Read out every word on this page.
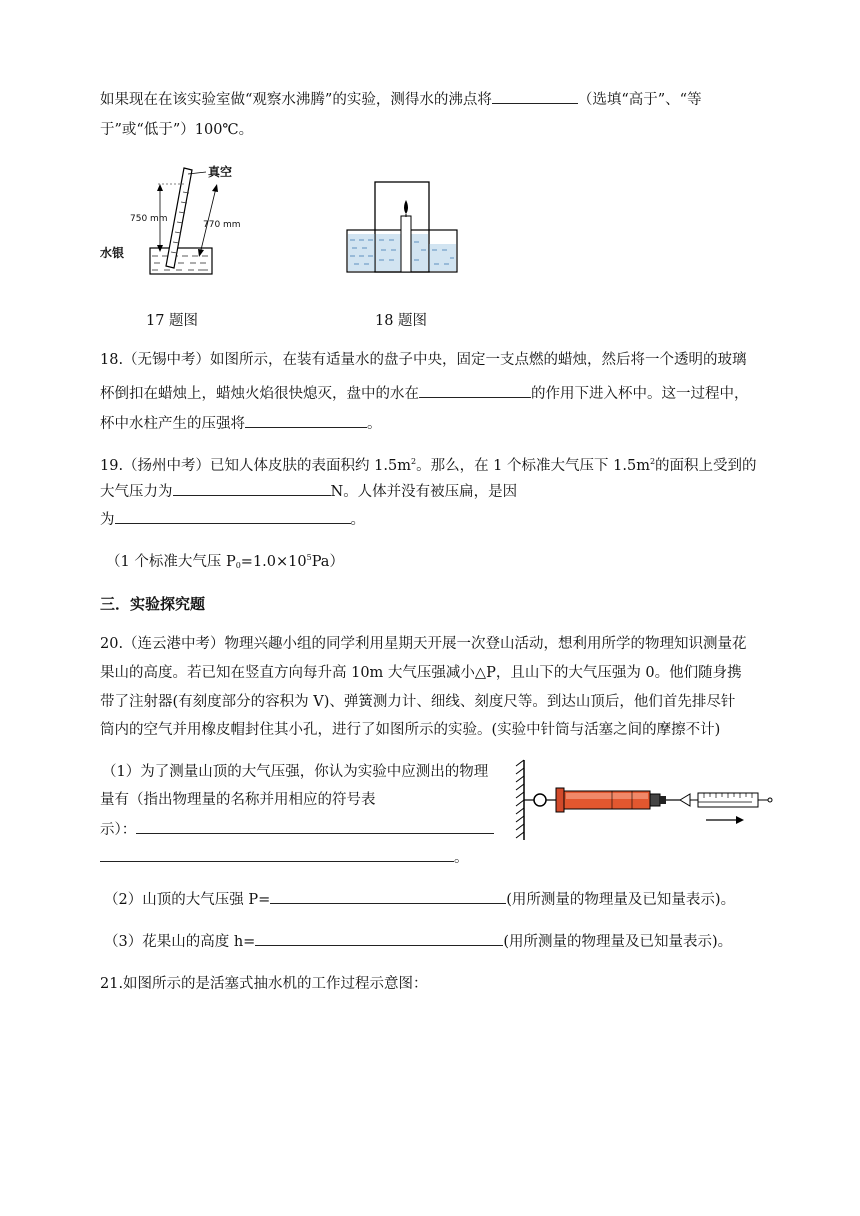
如果现在在该实验室做“观察水沸腾”的实验，测得水的沸点将	（选填“高于”、“等
于”或“低于”）100℃。
真空
750 mm
770 mm
水银
17 题图	18 题图
18.（无锡中考）如图所示，在装有适量水的盘子中央，固定一支点燃的蜡烛，然后将一个透明的玻璃
杯倒扣在蜡烛上，蜡烛火焰很快熄灭，盘中的水在	的作用下进入杯中。这一过程中，
杯中水柱产生的压强将	。
19.（扬州中考）已知人体皮肤的表面积约 $1.5m^2$。那么，在 1 个标准大气压下 $1.5m^2$的面积上受到的
大气压力为	N。人体并没有被压扁，是因
为	。
（1 个标准大气压 $P_0=1.0\times 10^5Pa$）
三．实验探究题
20.（连云港中考）物理兴趣小组的同学利用星期天开展一次登山活动，想利用所学的物理知识测量花
果山的高度。若已知在竖直方向每升高 10m 大气压强减小△P，且山下的大气压强为 0。他们随身携
带了注射器(有刻度部分的容积为 V)、弹簧测力计、细线、刻度尺等。到达山顶后，他们首先排尽针
筒内的空气并用橡皮帽封住其小孔，进行了如图所示的实验。(实验中针筒与活塞之间的摩擦不计)
（1）为了测量山顶的大气压强，你认为实验中应测出的物理
量有（指出物理量的名称并用相应的符号表
示）：
。
（2）山顶的大气压强 P=	(用所测量的物理量及已知量表示)。
（3）花果山的高度 h=	(用所测量的物理量及已知量表示)。
21.如图所示的是活塞式抽水机的工作过程示意图：
